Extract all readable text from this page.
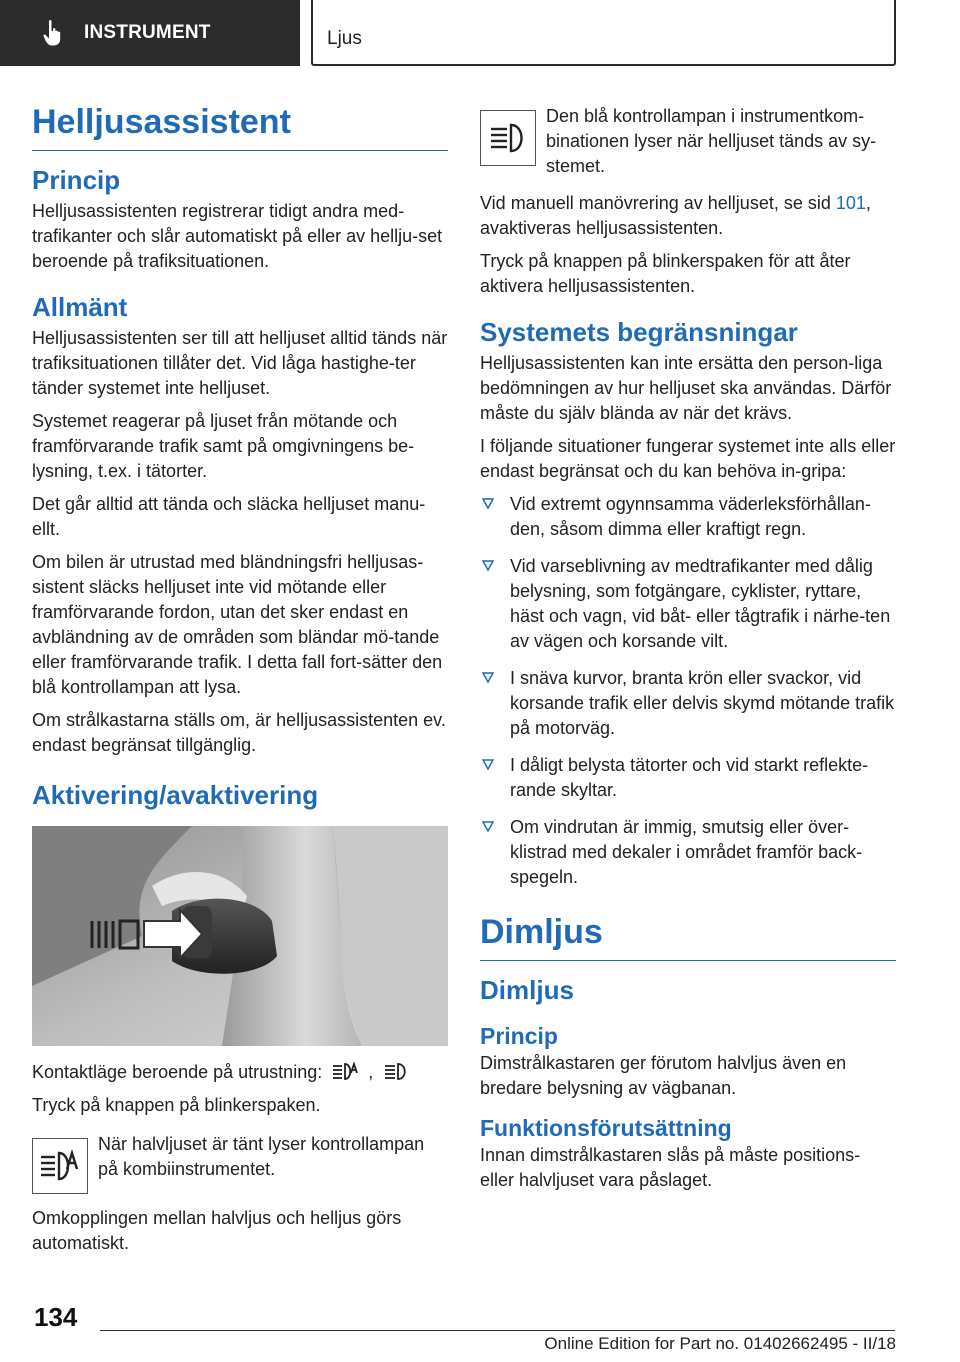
INSTRUMENT	Ljus
Helljusassistent
Princip

Helljusassistenten registrerar tidigt andra med-trafikanter och slår automatiskt på eller av hellju-set beroende på trafiksituationen.

Allmänt

Helljusassistenten ser till att helljuset alltid tänds när trafiksituationen tillåter det. Vid låga hastighe-ter tänder systemet inte helljuset.

Systemet reagerar på ljuset från mötande och framförvarande trafik samt på omgivningens be-lysning, t.ex. i tätorter.

Det går alltid att tända och släcka helljuset manu-ellt.

Om bilen är utrustad med bländningsfri helljusas-sistent släcks helljuset inte vid mötande eller framförvarande fordon, utan det sker endast en avbländning av de områden som bländar mö-tande eller framförvarande trafik. I detta fall fort-sätter den blå kontrollampan att lysa.

Om strålkastarna ställs om, är helljusassistenten ev. endast begränsat tillgänglig.

Aktivering/avaktivering

Kontaktläge beroende på utrustning:	,

Tryck på knappen på blinkerspaken.

När halvljuset är tänt lyser kontrollampan på kombiinstrumentet.

Omkopplingen mellan halvljus och helljus görs automatiskt.

Den blå kontrollampan i instrumentkom-binationen lyser när helljuset tänds av sy-stemet.

Vid manuell manövrering av helljuset, se sid 101, avaktiveras helljusassistenten.

Tryck på knappen på blinkerspaken för att åter aktivera helljusassistenten.

Systemets begränsningar

Helljusassistenten kan inte ersätta den person-liga bedömningen av hur helljuset ska användas. Därför måste du själv blända av när det krävs.

I följande situationer fungerar systemet inte alls eller endast begränsat och du kan behöva in-gripa:

Vid extremt ogynnsamma väderleksförhållan-den, såsom dimma eller kraftigt regn.
Vid varseblivning av medtrafikanter med dålig belysning, som fotgängare, cyklister, ryttare, häst och vagn, vid båt- eller tågtrafik i närhe-ten av vägen och korsande vilt.
I snäva kurvor, branta krön eller svackor, vid korsande trafik eller delvis skymd mötande trafik på motorväg.
I dåligt belysta tätorter och vid starkt reflekte-rande skyltar.
Om vindrutan är immig, smutsig eller över-klistrad med dekaler i området framför back-spegeln.
Dimljus
Dimljus
Princip

Dimstrålkastaren ger förutom halvljus även en bredare belysning av vägbanan.

Funktionsförutsättning

Innan dimstrålkastaren slås på måste positions- eller halvljuset vara påslaget.

134
Online Edition for Part no. 01402662495 - II/18
